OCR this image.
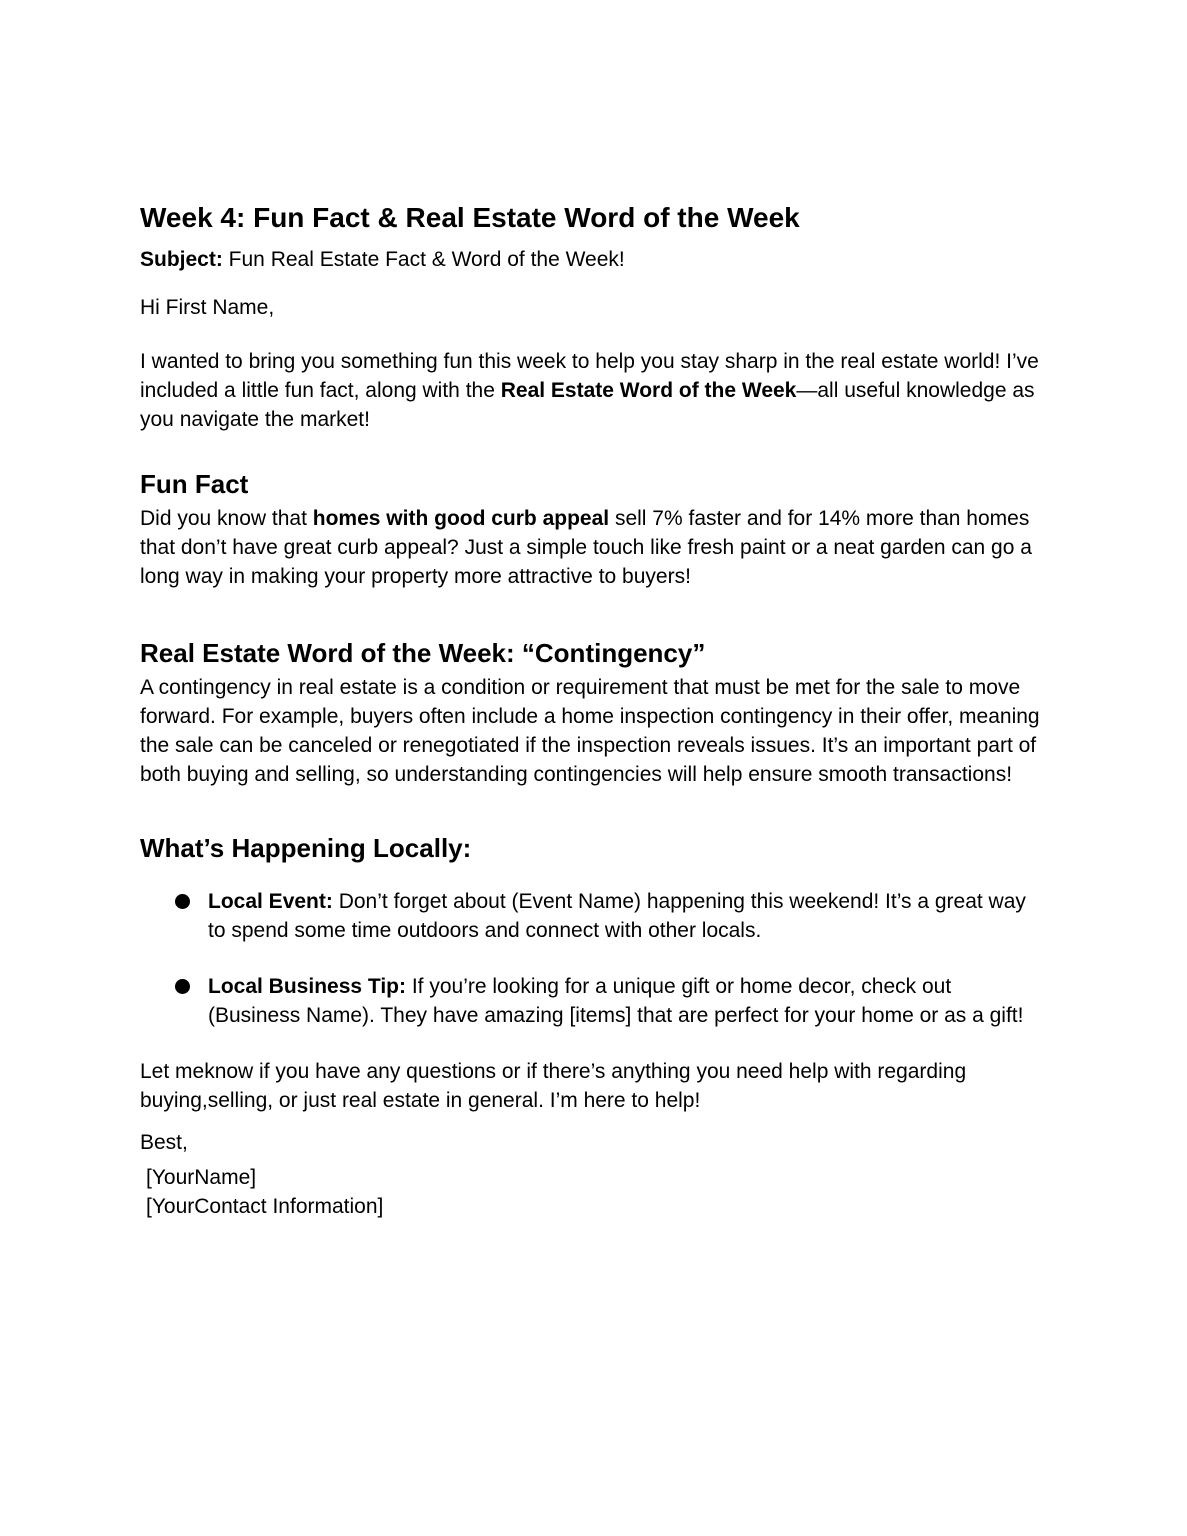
Week 4: Fun Fact & Real Estate Word of the Week

Subject: Fun Real Estate Fact & Word of the Week!

Hi First Name,

I wanted to bring you something fun this week to help you stay sharp in the real estate world! I’ve included a little fun fact, along with the Real Estate Word of the Week—all useful knowledge as you navigate the market!

Fun Fact

Did you know that homes with good curb appeal sell 7% faster and for 14% more than homes that don’t have great curb appeal? Just a simple touch like fresh paint or a neat garden can go a long way in making your property more attractive to buyers!

Real Estate Word of the Week: “Contingency”

A contingency in real estate is a condition or requirement that must be met for the sale to move forward. For example, buyers often include a home inspection contingency in their offer, meaning the sale can be canceled or renegotiated if the inspection reveals issues. It’s an important part of both buying and selling, so understanding contingencies will help ensure smooth transactions!

What’s Happening Locally:
Local Event: Don’t forget about (Event Name) happening this weekend! It’s a great way to spend some time outdoors and connect with other locals.
Local Business Tip: If you’re looking for a unique gift or home decor, check out (Business Name). They have amazing [items] that are perfect for your home or as a gift!

Let meknow if you have any questions or if there’s anything you need help with regarding buying,selling, or just real estate in general. I’m here to help!

Best,

[YourName]
[YourContact Information]
